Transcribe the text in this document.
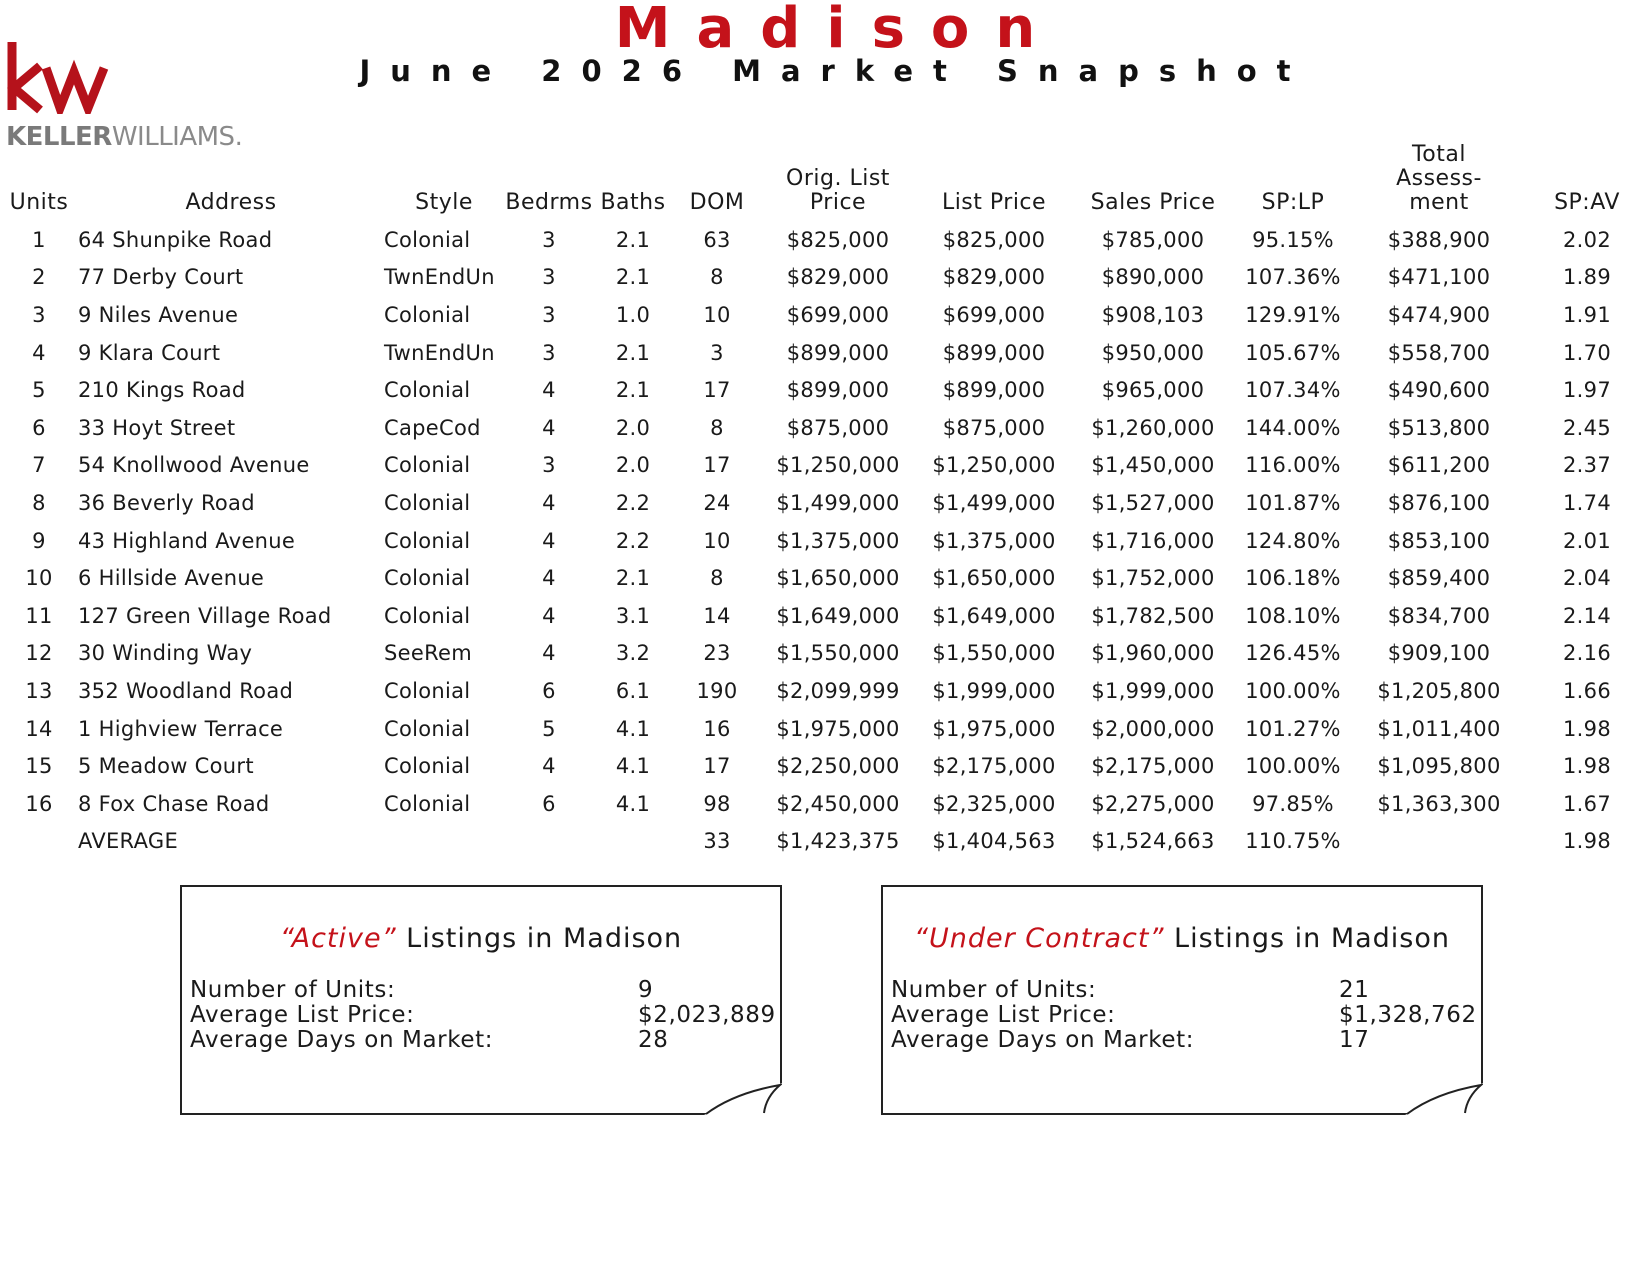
KELLERWILLIAMS.
Madison
June 2026 Market Snapshot
Units	Address	Style	Bedrms	Baths	DOM	Orig. List Price	List Price	Sales Price	SP:LP	Total Assess-ment	SP:AV
1	64 Shunpike Road	Colonial	3	2.1	63	$825,000	$825,000	$785,000	95.15%	$388,900	2.02
2	77 Derby Court	TwnEndUn	3	2.1	8	$829,000	$829,000	$890,000	107.36%	$471,100	1.89
3	9 Niles Avenue	Colonial	3	1.0	10	$699,000	$699,000	$908,103	129.91%	$474,900	1.91
4	9 Klara Court	TwnEndUn	3	2.1	3	$899,000	$899,000	$950,000	105.67%	$558,700	1.70
5	210 Kings Road	Colonial	4	2.1	17	$899,000	$899,000	$965,000	107.34%	$490,600	1.97
6	33 Hoyt Street	CapeCod	4	2.0	8	$875,000	$875,000	$1,260,000	144.00%	$513,800	2.45
7	54 Knollwood Avenue	Colonial	3	2.0	17	$1,250,000	$1,250,000	$1,450,000	116.00%	$611,200	2.37
8	36 Beverly Road	Colonial	4	2.2	24	$1,499,000	$1,499,000	$1,527,000	101.87%	$876,100	1.74
9	43 Highland Avenue	Colonial	4	2.2	10	$1,375,000	$1,375,000	$1,716,000	124.80%	$853,100	2.01
10	6 Hillside Avenue	Colonial	4	2.1	8	$1,650,000	$1,650,000	$1,752,000	106.18%	$859,400	2.04
11	127 Green Village Road	Colonial	4	3.1	14	$1,649,000	$1,649,000	$1,782,500	108.10%	$834,700	2.14
12	30 Winding Way	SeeRem	4	3.2	23	$1,550,000	$1,550,000	$1,960,000	126.45%	$909,100	2.16
13	352 Woodland Road	Colonial	6	6.1	190	$2,099,999	$1,999,000	$1,999,000	100.00%	$1,205,800	1.66
14	1 Highview Terrace	Colonial	5	4.1	16	$1,975,000	$1,975,000	$2,000,000	101.27%	$1,011,400	1.98
15	5 Meadow Court	Colonial	4	4.1	17	$2,250,000	$2,175,000	$2,175,000	100.00%	$1,095,800	1.98
16	8 Fox Chase Road	Colonial	6	4.1	98	$2,450,000	$2,325,000	$2,275,000	97.85%	$1,363,300	1.67
	AVERAGE				33	$1,423,375	$1,404,563	$1,524,663	110.75%		1.98
“Active” Listings in Madison
Number of Units:	9
Average List Price:	$2,023,889
Average Days on Market:	28
“Under Contract” Listings in Madison
Number of Units:	21
Average List Price:	$1,328,762
Average Days on Market:	17
